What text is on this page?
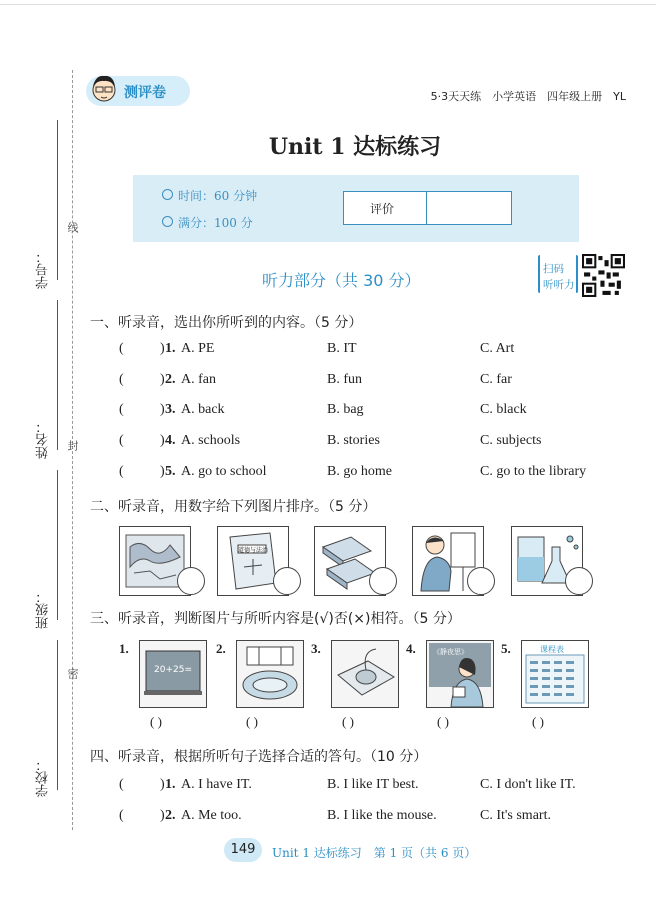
学号：
线
姓名： 封
班级：
密
学校：
测评卷	5·3天天练　小学英语　四年级上册　YL
Unit 1 达标练习
时间：60 分钟
满分：100 分
评价
听力部分（共 30 分）
扫码
听听力
一、听录音，选出你所听到的内容。（5 分）
(	) 1. A. PE	B. IT	C. Art
(	) 2. A. fan	B. fun	C. far
(	) 3. A. back	B. bag	C. black
(	) 4. A. schools	B. stories	C. subjects
(	) 5. A. go to school	B. go home	C. go to the library
二、听录音，用数字给下列图片排序。（5 分）
道德与法治
三、听录音，判断图片与所听内容是(√)否(×)相符。（5 分）
1.
20+25=
( )
2.
( )
3.
( )
4. 《静夜思》
( )
5.	课程表
( )
四、听录音，根据所听句子选择合适的答句。（10 分）
(	) 1. A. I have IT.	B. I like IT best.	C. I don't like IT.
(	) 2. A. Me too.	B. I like the mouse.	C. It's smart.
149	Unit 1 达标练习　第 1 页（共 6 页）
